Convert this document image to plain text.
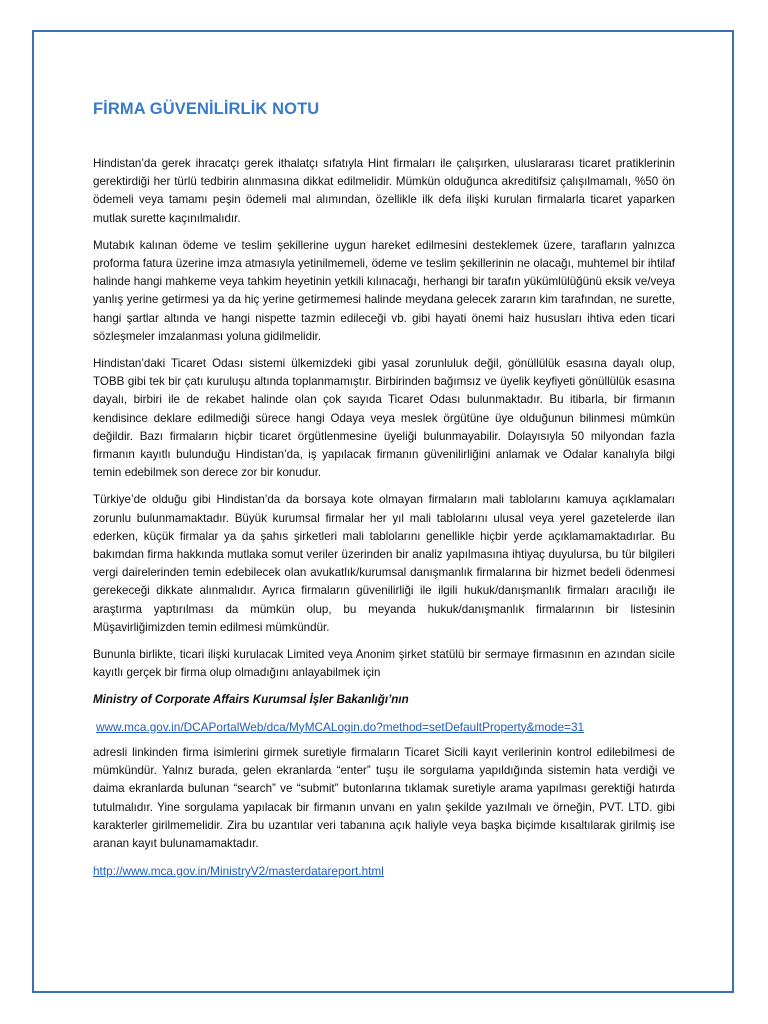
FİRMA GÜVENİLİRLİK NOTU

Hindistan’da gerek ihracatçı gerek ithalatçı sıfatıyla Hint firmaları ile çalışırken, uluslararası ticaret pratiklerinin gerektirdiği her türlü tedbirin alınmasına dikkat edilmelidir. Mümkün olduğunca akreditifsiz çalışılmamalı, %50 ön ödemeli veya tamamı peşin ödemeli mal alımından, özellikle ilk defa ilişki kurulan firmalarla ticaret yaparken mutlak surette kaçınılmalıdır.

Mutabık kalınan ödeme ve teslim şekillerine uygun hareket edilmesini desteklemek üzere, tarafların yalnızca proforma fatura üzerine imza atmasıyla yetinilmemeli, ödeme ve teslim şekillerinin ne olacağı, muhtemel bir ihtilaf halinde hangi mahkeme veya tahkim heyetinin yetkili kılınacağı, herhangi bir tarafın yükümlülüğünü eksik ve/veya yanlış yerine getirmesi ya da hiç yerine getirmemesi halinde meydana gelecek zararın kim tarafından, ne surette, hangi şartlar altında ve hangi nispette tazmin edileceği vb. gibi hayati önemi haiz hususları ihtiva eden ticari sözleşmeler imzalanması yoluna gidilmelidir.

Hindistan’daki Ticaret Odası sistemi ülkemizdeki gibi yasal zorunluluk değil, gönüllülük esasına dayalı olup, TOBB gibi tek bir çatı kuruluşu altında toplanmamıştır. Birbirinden bağımsız ve üyelik keyfiyeti gönüllülük esasına dayalı, birbiri ile de rekabet halinde olan çok sayıda Ticaret Odası bulunmaktadır. Bu itibarla, bir firmanın kendisince deklare edilmediği sürece hangi Odaya veya meslek örgütüne üye olduğunun bilinmesi mümkün değildir. Bazı firmaların hiçbir ticaret örgütlenmesine üyeliği bulunmayabilir. Dolayısıyla 50 milyondan fazla firmanın kayıtlı bulunduğu Hindistan’da, iş yapılacak firmanın güvenilirliğini anlamak ve Odalar kanalıyla bilgi temin edebilmek son derece zor bir konudur.

Türkiye’de olduğu gibi Hindistan’da da borsaya kote olmayan firmaların mali tablolarını kamuya açıklamaları zorunlu bulunmamaktadır. Büyük kurumsal firmalar her yıl mali tablolarını ulusal veya yerel gazetelerde ilan ederken, küçük firmalar ya da şahıs şirketleri mali tablolarını genellikle hiçbir yerde açıklamamaktadırlar. Bu bakımdan firma hakkında mutlaka somut veriler üzerinden bir analiz yapılmasına ihtiyaç duyulursa, bu tür bilgileri vergi dairelerinden temin edebilecek olan avukatlık/kurumsal danışmanlık firmalarına bir hizmet bedeli ödenmesi gerekeceği dikkate alınmalıdır. Ayrıca firmaların güvenilirliği ile ilgili hukuk/danışmanlık firmaları aracılığı ile araştırma yaptırılması da mümkün olup, bu meyanda hukuk/danışmanlık firmalarının bir listesinin Müşavirliğimizden temin edilmesi mümkündür.

Bununla birlikte, ticari ilişki kurulacak Limited veya Anonim şirket statülü bir sermaye firmasının en azından sicile kayıtlı gerçek bir firma olup olmadığını anlayabilmek için

Ministry of Corporate Affairs Kurumsal İşler Bakanlığı’nın
www.mca.gov.in/DCAPortalWeb/dca/MyMCALogin.do?method=setDefaultProperty&mode=31

adresli linkinden firma isimlerini girmek suretiyle firmaların Ticaret Sicili kayıt verilerinin kontrol edilebilmesi de mümkündür. Yalnız burada, gelen ekranlarda “enter” tuşu ile sorgulama yapıldığında sistemin hata verdiği ve daima ekranlarda bulunan “search” ve “submit” butonlarına tıklamak suretiyle arama yapılması gerektiği hatırda tutulmalıdır. Yine sorgulama yapılacak bir firmanın unvanı en yalın şekilde yazılmalı ve örneğin, PVT. LTD. gibi karakterler girilmemelidir. Zira bu uzantılar veri tabanına açık haliyle veya başka biçimde kısaltılarak girilmiş ise aranan kayıt bulunamamaktadır.

http://www.mca.gov.in/MinistryV2/masterdatareport.html
